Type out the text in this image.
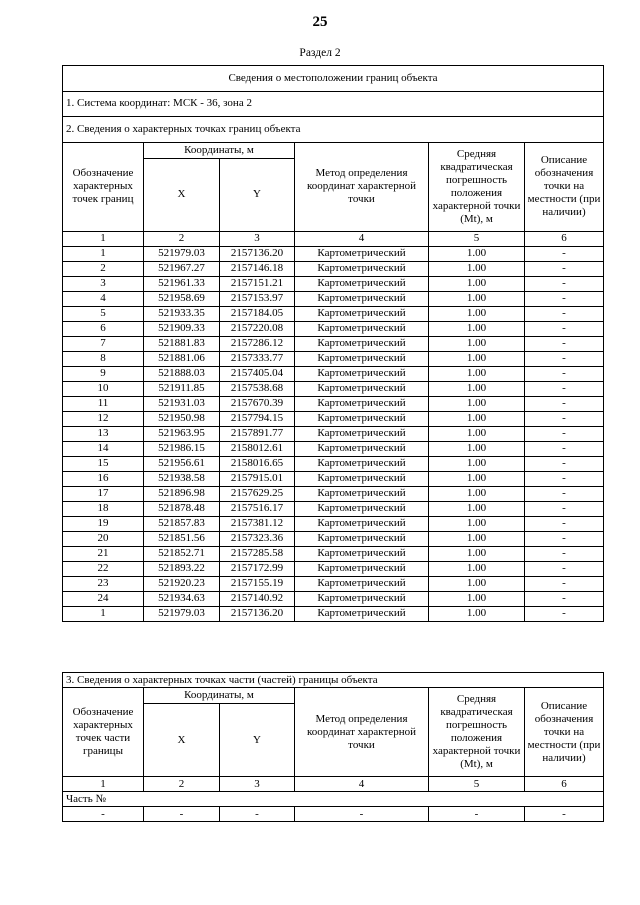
25
Раздел 2
Сведения о местоположении границ объекта					
1. Система координат: МСК - 36, зона 2					
2. Сведения о характерных точках границ объекта					
Обозначение характерных точек границ	Координаты, м		Метод определения координат характерной точки	Средняя квадратическая погрешность положения характерной точки (Mt), м	Описание обозначения точки на местности (при наличии)
	X	Y			
1	2	3	4	5	6
1	521979.03	2157136.20	Картометрический	1.00	-
2	521967.27	2157146.18	Картометрический	1.00	-
3	521961.33	2157151.21	Картометрический	1.00	-
4	521958.69	2157153.97	Картометрический	1.00	-
5	521933.35	2157184.05	Картометрический	1.00	-
6	521909.33	2157220.08	Картометрический	1.00	-
7	521881.83	2157286.12	Картометрический	1.00	-
8	521881.06	2157333.77	Картометрический	1.00	-
9	521888.03	2157405.04	Картометрический	1.00	-
10	521911.85	2157538.68	Картометрический	1.00	-
11	521931.03	2157670.39	Картометрический	1.00	-
12	521950.98	2157794.15	Картометрический	1.00	-
13	521963.95	2157891.77	Картометрический	1.00	-
14	521986.15	2158012.61	Картометрический	1.00	-
15	521956.61	2158016.65	Картометрический	1.00	-
16	521938.58	2157915.01	Картометрический	1.00	-
17	521896.98	2157629.25	Картометрический	1.00	-
18	521878.48	2157516.17	Картометрический	1.00	-
19	521857.83	2157381.12	Картометрический	1.00	-
20	521851.56	2157323.36	Картометрический	1.00	-
21	521852.71	2157285.58	Картометрический	1.00	-
22	521893.22	2157172.99	Картометрический	1.00	-
23	521920.23	2157155.19	Картометрический	1.00	-
24	521934.63	2157140.92	Картометрический	1.00	-
1	521979.03	2157136.20	Картометрический	1.00	-
3. Сведения о характерных точках части (частей) границы объекта					
Обозначение характерных точек части границы	Координаты, м		Метод определения координат характерной точки	Средняя квадратическая погрешность положения характерной точки (Mt), м	Описание обозначения точки на местности (при наличии)
	X	Y			
1	2	3	4	5	6
Часть №					
-	-	-	-	-	-
